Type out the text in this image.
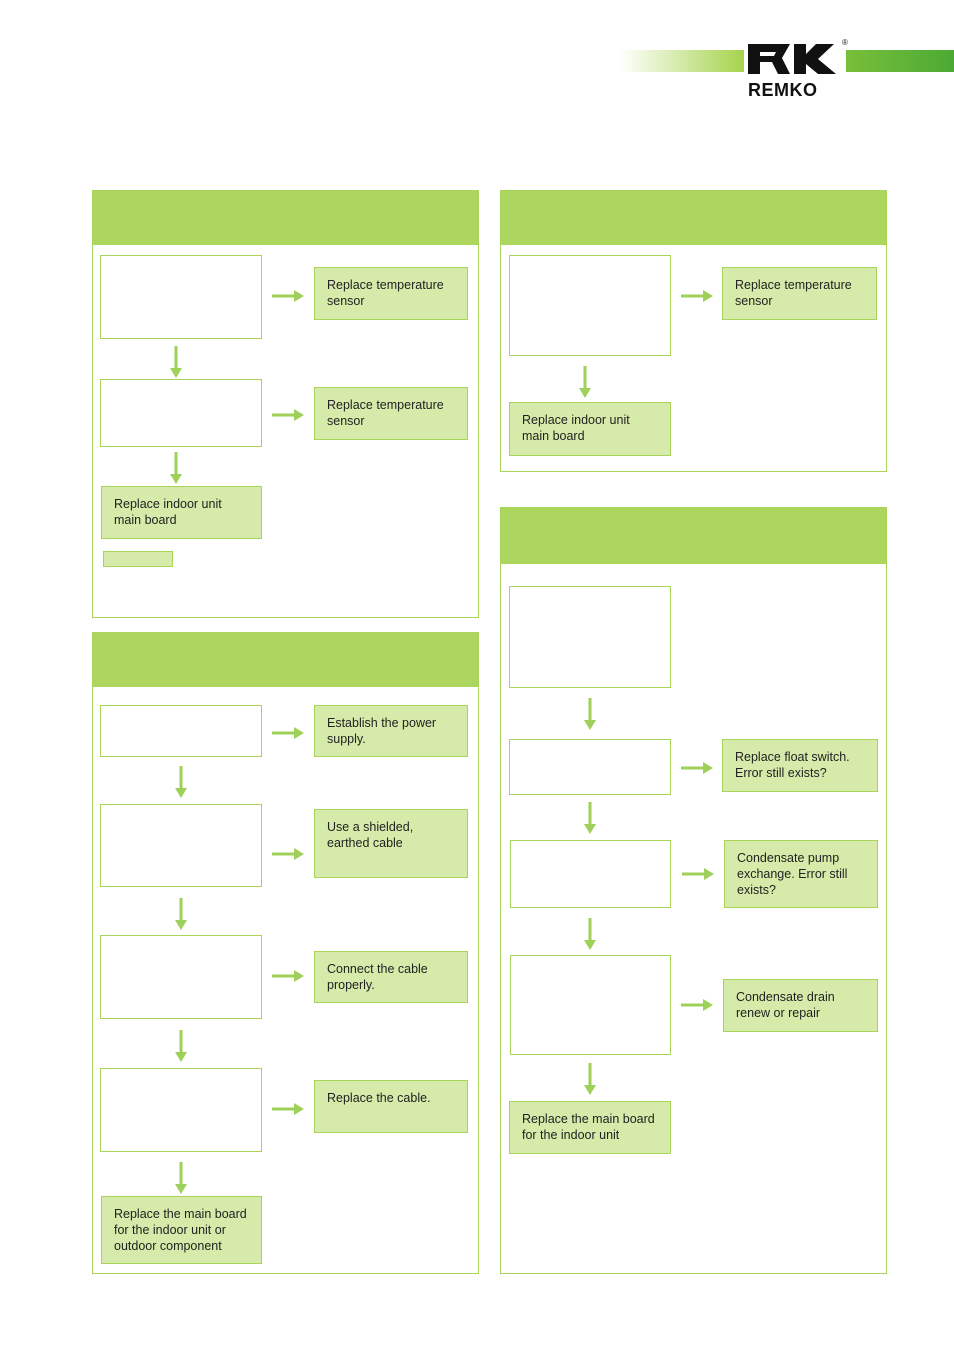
REMKO
®
Replace temperature sensor
Replace temperature sensor
Replace indoor unit main board
Establish the power supply.
Use a shielded, earthed cable
Connect the cable properly.
Replace the cable.
Replace the main board for the indoor unit or outdoor component
Replace temperature sensor
Replace indoor unit main board
Replace float switch. Error still exists?
Condensate pump exchange. Error still exists?
Condensate drain renew or repair
Replace the main board for the indoor unit
